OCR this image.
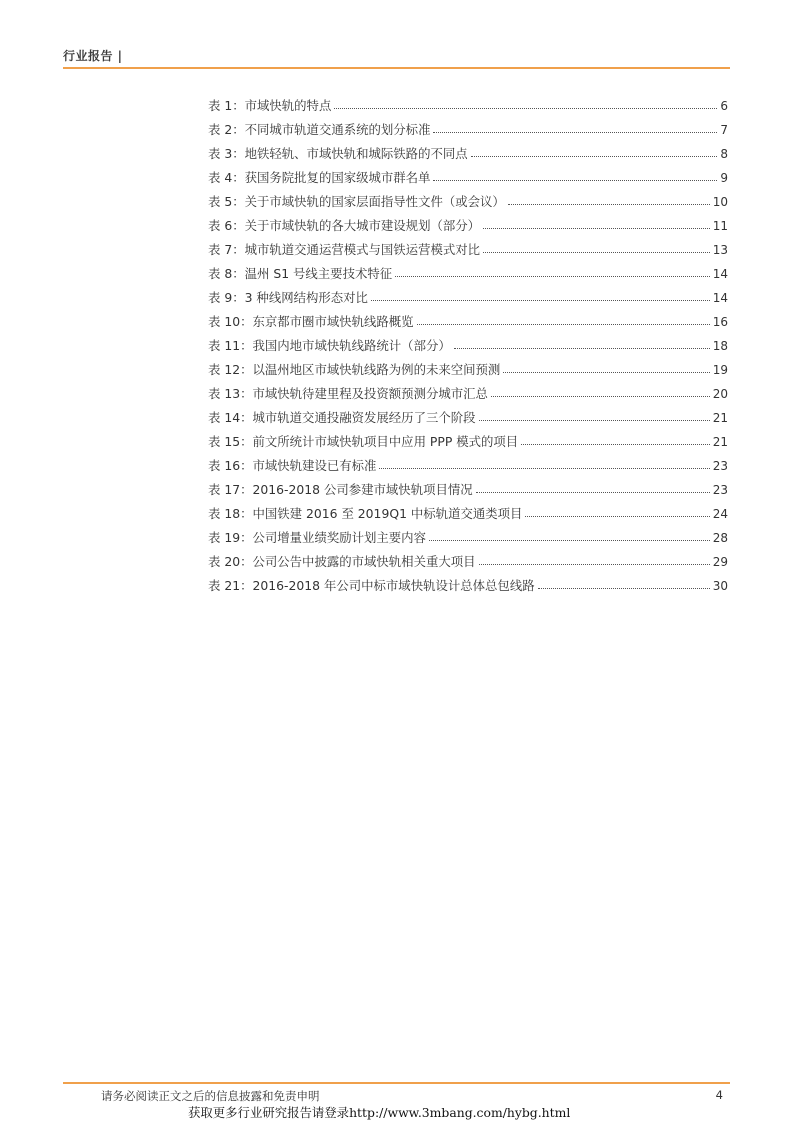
行业报告 |
表 1：市域快轨的特点	6
表 2：不同城市轨道交通系统的划分标准	7
表 3：地铁轻轨、市域快轨和城际铁路的不同点	8
表 4：获国务院批复的国家级城市群名单	9
表 5：关于市域快轨的国家层面指导性文件（或会议）	10
表 6：关于市域快轨的各大城市建设规划（部分）	11
表 7：城市轨道交通运营模式与国铁运营模式对比	13
表 8：温州 S1 号线主要技术特征	14
表 9：3 种线网结构形态对比	14
表 10：东京都市圈市域快轨线路概览	16
表 11：我国内地市域快轨线路统计（部分）	18
表 12：以温州地区市域快轨线路为例的未来空间预测	19
表 13：市域快轨待建里程及投资额预测分城市汇总	20
表 14：城市轨道交通投融资发展经历了三个阶段	21
表 15：前文所统计市域快轨项目中应用 PPP 模式的项目	21
表 16：市域快轨建设已有标准	23
表 17：2016-2018 公司参建市域快轨项目情况	23
表 18：中国铁建 2016 至 2019Q1 中标轨道交通类项目	24
表 19：公司增量业绩奖励计划主要内容	28
表 20：公司公告中披露的市域快轨相关重大项目	29
表 21：2016-2018 年公司中标市域快轨设计总体总包线路	30
请务必阅读正文之后的信息披露和免责申明	4
获取更多行业研究报告请登录http://www.3mbang.com/hybg.html
